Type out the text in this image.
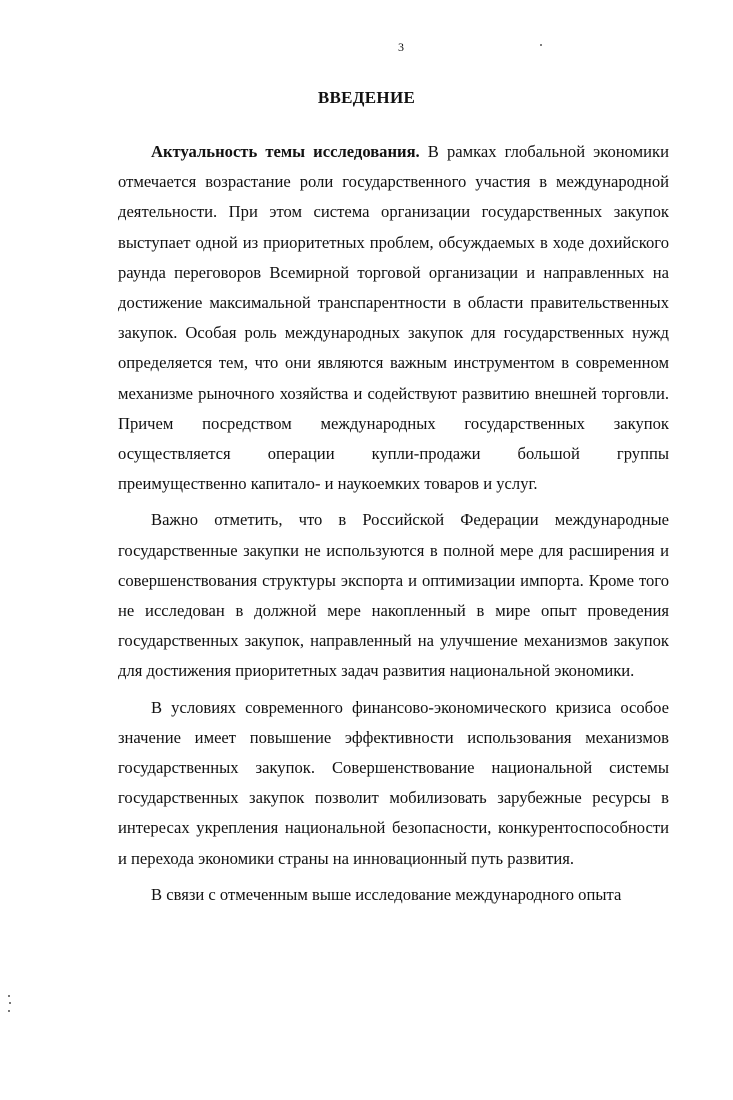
3
ВВЕДЕНИЕ

Актуальность темы исследования. В рамках глобальной экономики отмечается возрастание роли государственного участия в международной деятельности. При этом система организации государственных закупок выступает одной из приоритетных проблем, обсуждаемых в ходе дохийского раунда переговоров Всемирной торговой организации и направленных на достижение максимальной транспарентности в области правительственных закупок. Особая роль международных закупок для государственных нужд определяется тем, что они являются важным инструментом в современном механизме рыночного хозяйства и содействуют развитию внешней торговли. Причем посредством международных государственных закупок осуществляется операции купли-продажи большой группы преимущественно капитало- и наукоемких товаров и услуг.

Важно отметить, что в Российской Федерации международные государственные закупки не используются в полной мере для расширения и совершенствования структуры экспорта и оптимизации импорта. Кроме того не исследован в должной мере накопленный в мире опыт проведения государственных закупок, направленный на улучшение механизмов закупок для достижения приоритетных задач развития национальной экономики.

В условиях современного финансово-экономического кризиса особое значение имеет повышение эффективности использования механизмов государственных закупок. Совершенствование национальной системы государственных закупок позволит мобилизовать зарубежные ресурсы в интересах укрепления национальной безопасности, конкурентоспособности и перехода экономики страны на инновационный путь развития.

В связи с отмеченным выше исследование международного опыта
